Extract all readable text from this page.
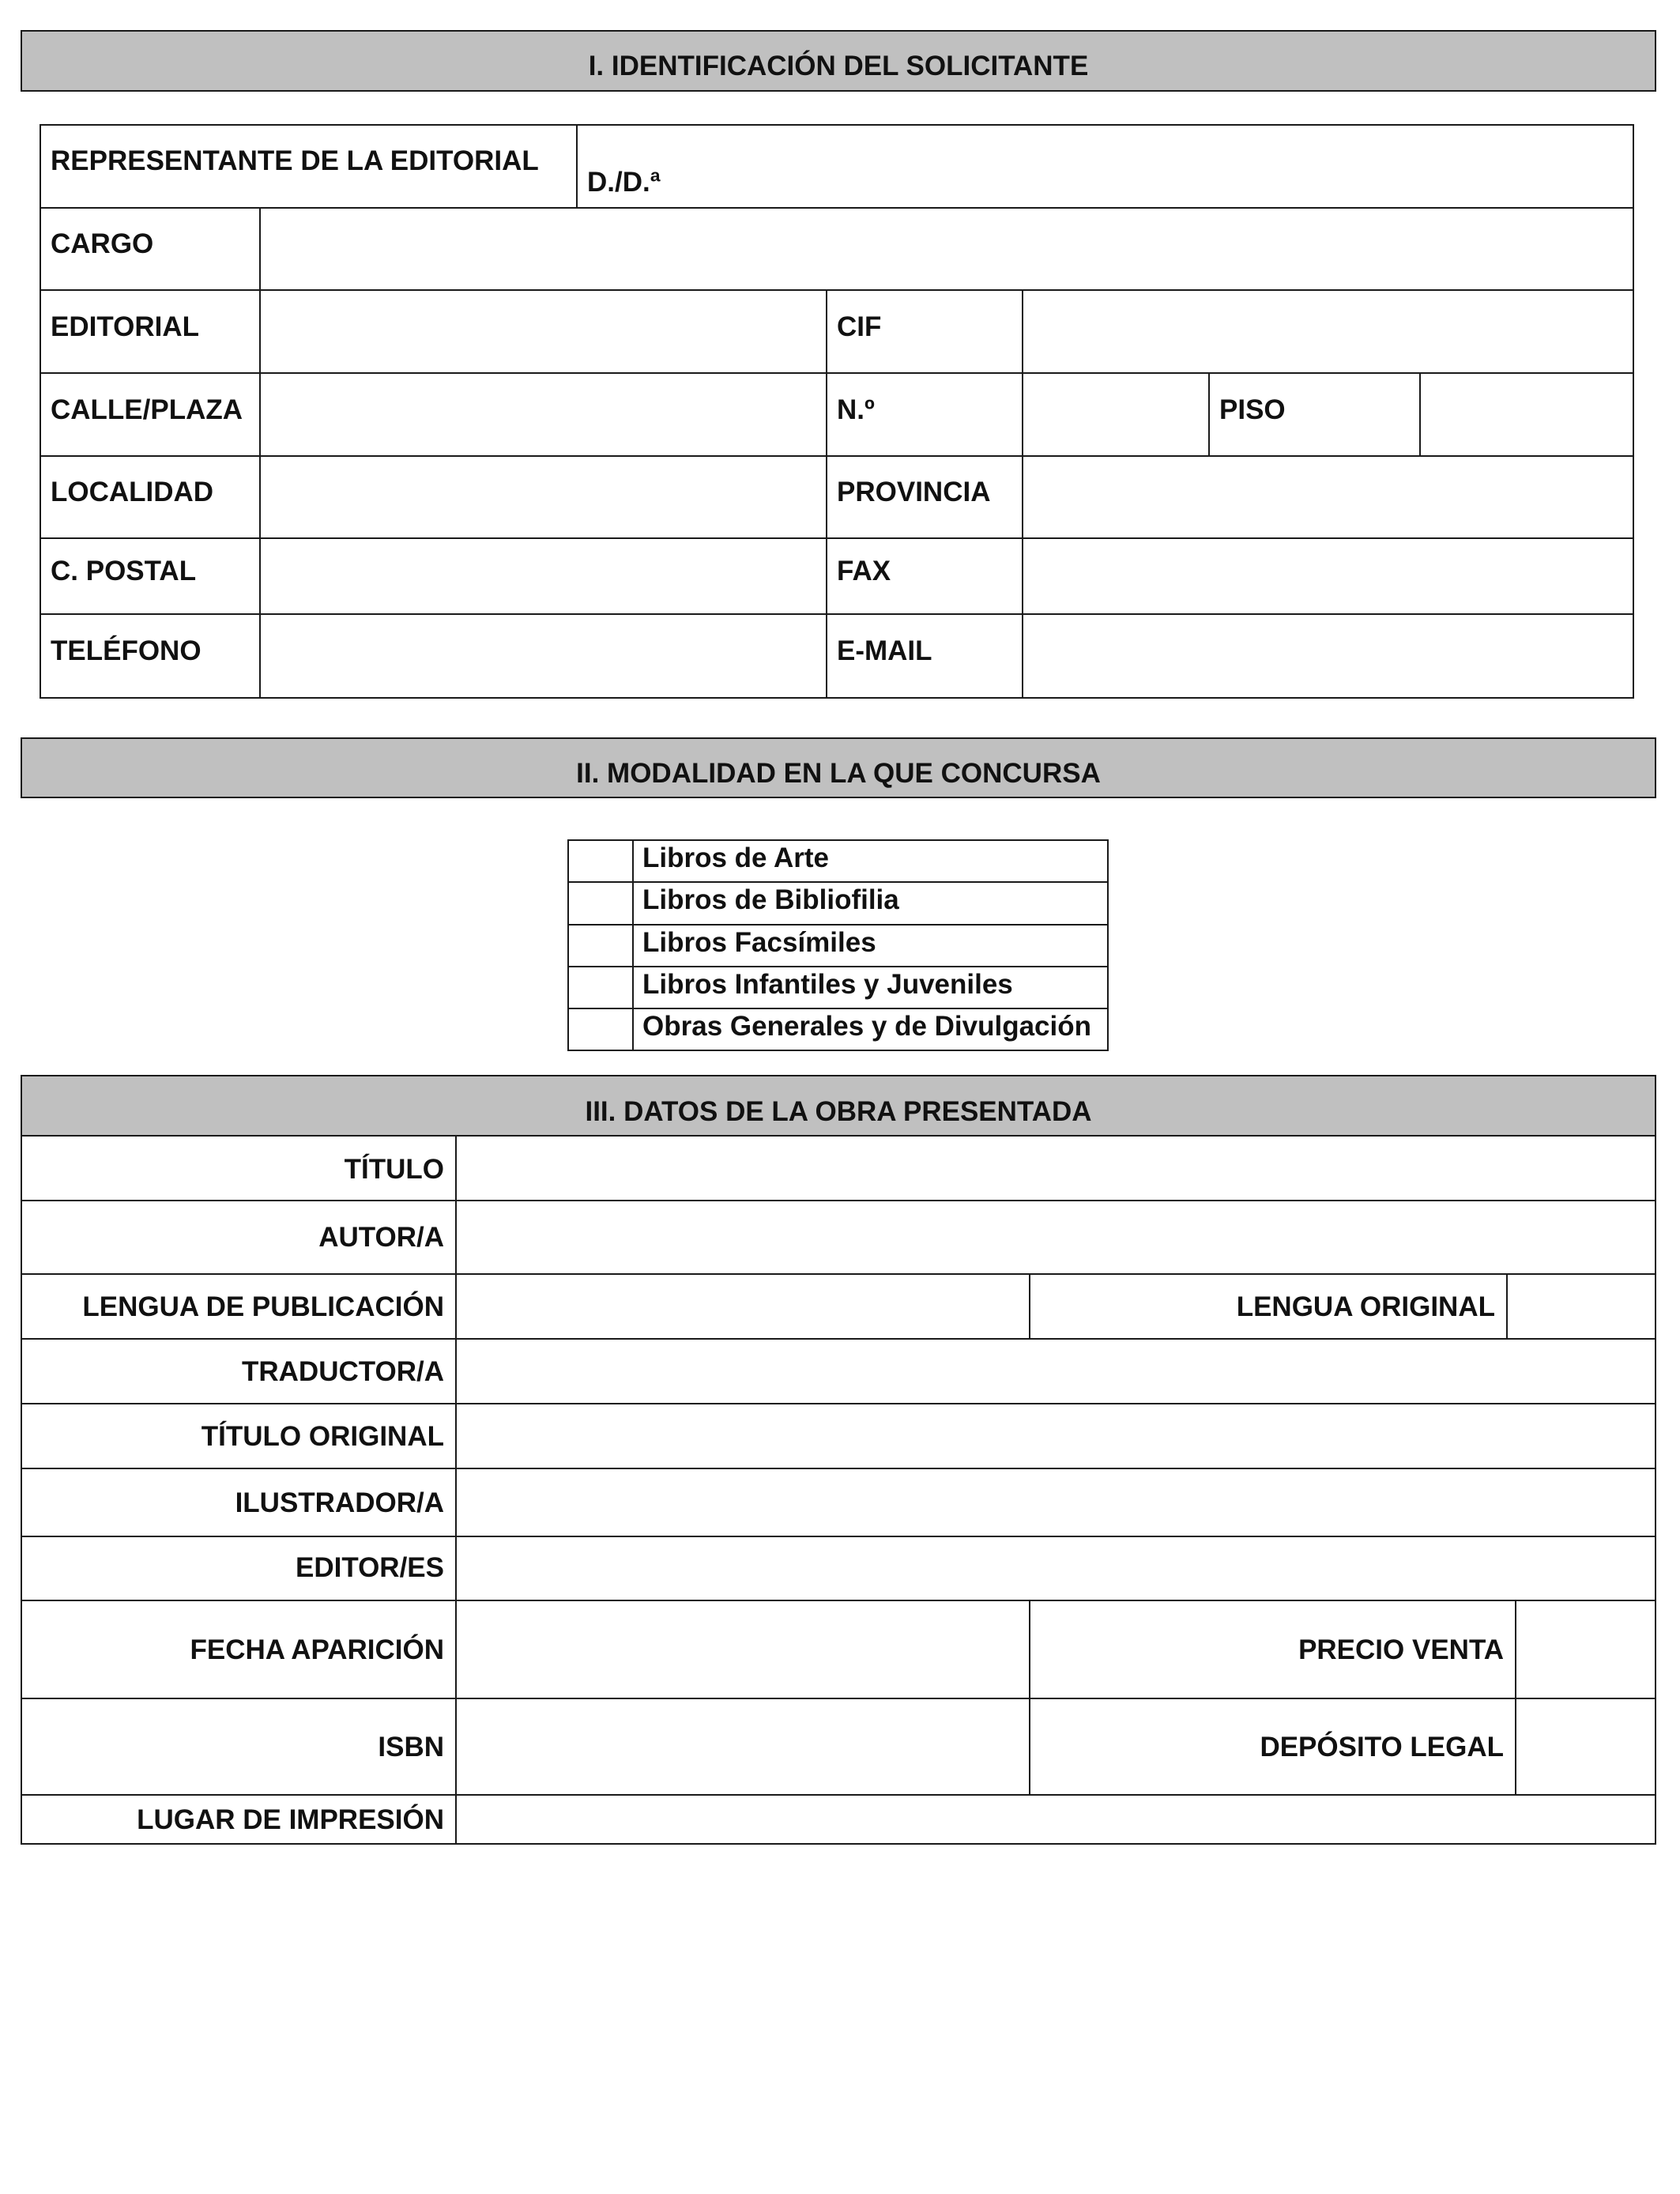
I. IDENTIFICACIÓN DEL SOLICITANTE
REPRESENTANTE DE LA EDITORIAL
D./D.ª
CARGO
EDITORIAL	CIF
CALLE/PLAZA	N.º	PISO
LOCALIDAD	PROVINCIA
C. POSTAL	FAX
TELÉFONO	E-MAIL
II. MODALIDAD EN LA QUE CONCURSA
Libros de Arte
Libros de Bibliofilia
Libros Facsímiles
Libros Infantiles y Juveniles
Obras Generales y de Divulgación
III. DATOS DE LA OBRA PRESENTADA
TÍTULO
AUTOR/A
LENGUA DE PUBLICACIÓN	LENGUA ORIGINAL
TRADUCTOR/A
TÍTULO ORIGINAL
ILUSTRADOR/A
EDITOR/ES
FECHA APARICIÓN	PRECIO VENTA
ISBN	DEPÓSITO LEGAL
LUGAR DE IMPRESIÓN
